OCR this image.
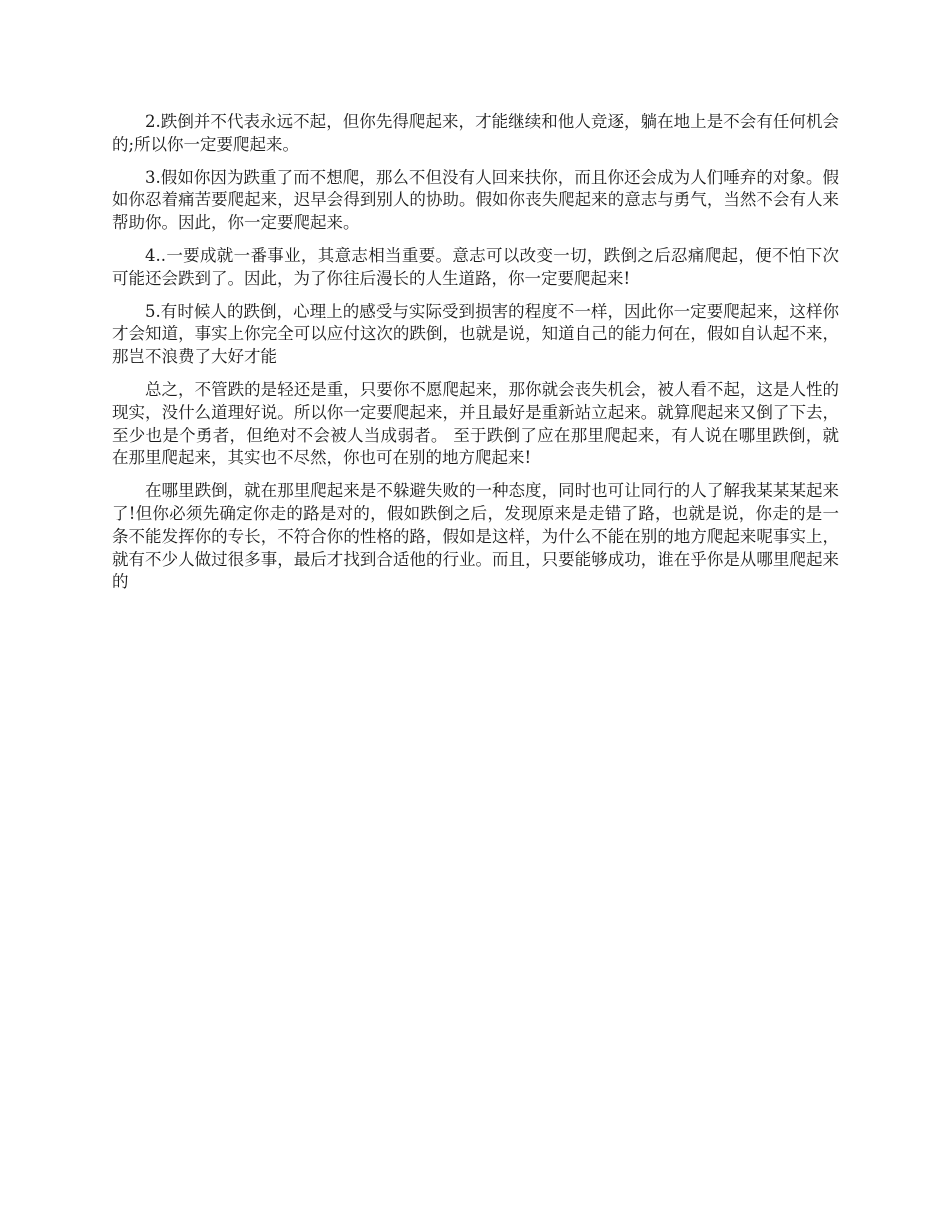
2.跌倒并不代表永远不起，但你先得爬起来，才能继续和他人竞逐，躺在地上是不会有任何机会的;所以你一定要爬起来。

3.假如你因为跌重了而不想爬，那么不但没有人回来扶你，而且你还会成为人们唾弃的对象。假如你忍着痛苦要爬起来，迟早会得到别人的协助。假如你丧失爬起来的意志与勇气，当然不会有人来帮助你。因此，你一定要爬起来。

4..一要成就一番事业，其意志相当重要。意志可以改变一切，跌倒之后忍痛爬起，便不怕下次可能还会跌到了。因此，为了你往后漫长的人生道路，你一定要爬起来!

5.有时候人的跌倒，心理上的感受与实际受到损害的程度不一样，因此你一定要爬起来，这样你才会知道，事实上你完全可以应付这次的跌倒，也就是说，知道自己的能力何在，假如自认起不来，那岂不浪费了大好才能

总之，不管跌的是轻还是重，只要你不愿爬起来，那你就会丧失机会，被人看不起，这是人性的现实，没什么道理好说。所以你一定要爬起来，并且最好是重新站立起来。就算爬起来又倒了下去，至少也是个勇者，但绝对不会被人当成弱者。 至于跌倒了应在那里爬起来，有人说在哪里跌倒，就在那里爬起来，其实也不尽然，你也可在别的地方爬起来!

在哪里跌倒，就在那里爬起来是不躲避失败的一种态度，同时也可让同行的人了解我某某某起来了!但你必须先确定你走的路是对的，假如跌倒之后，发现原来是走错了路，也就是说，你走的是一条不能发挥你的专长，不符合你的性格的路，假如是这样，为什么不能在别的地方爬起来呢事实上，就有不少人做过很多事，最后才找到合适他的行业。而且，只要能够成功，谁在乎你是从哪里爬起来的
